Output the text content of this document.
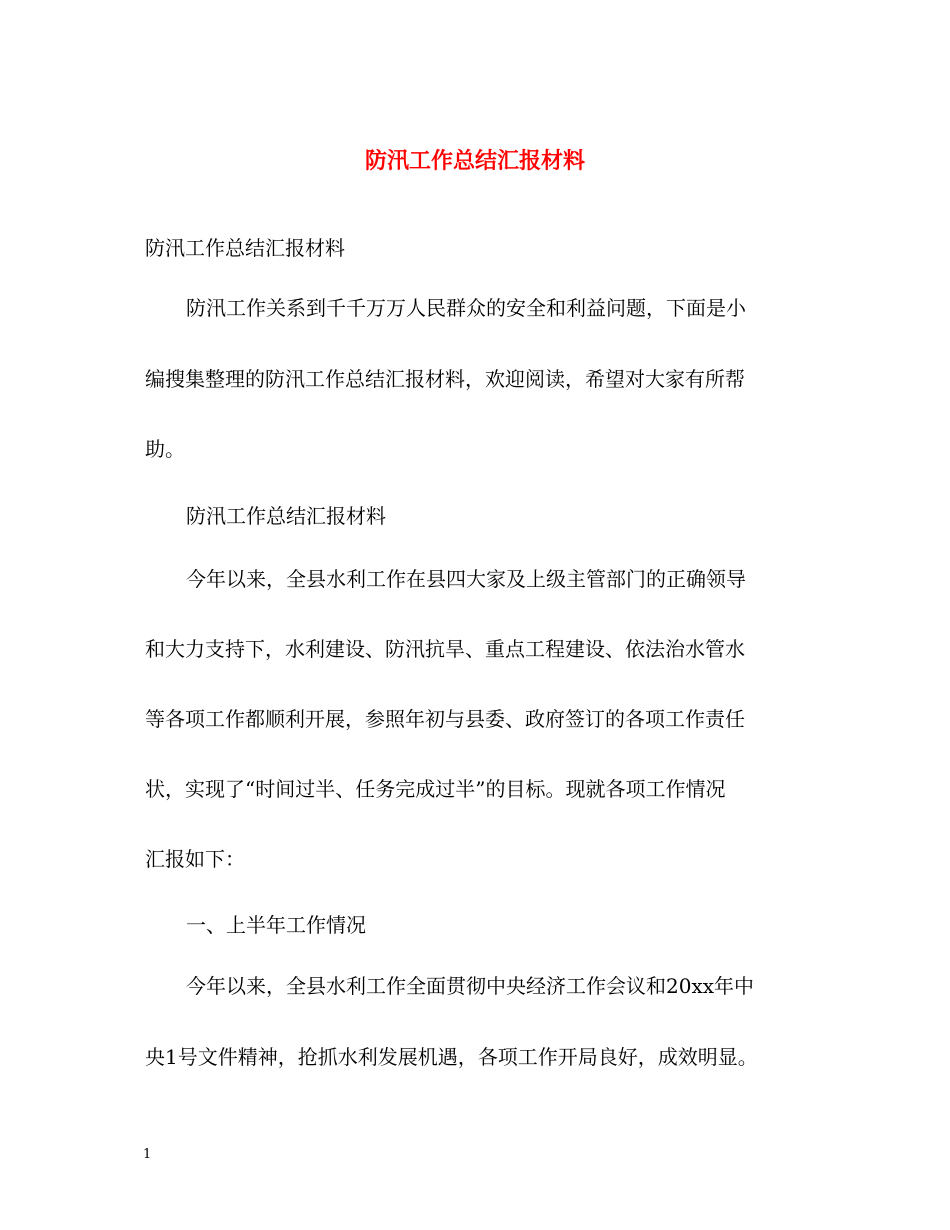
防汛工作总结汇报材料
防汛工作总结汇报材料
防汛工作关系到千千万万人民群众的安全和利益问题，下面是小
编搜集整理的防汛工作总结汇报材料，欢迎阅读，希望对大家有所帮
助。
防汛工作总结汇报材料
今年以来，全县水利工作在县四大家及上级主管部门的正确领导
和大力支持下，水利建设、防汛抗旱、重点工程建设、依法治水管水
等各项工作都顺利开展，参照年初与县委、政府签订的各项工作责任
状，实现了“时间过半、任务完成过半”的目标。现就各项工作情况
汇报如下：
一、上半年工作情况
今年以来，全县水利工作全面贯彻中央经济工作会议和20xx年中
央1号文件精神，抢抓水利发展机遇，各项工作开局良好，成效明显。
1
